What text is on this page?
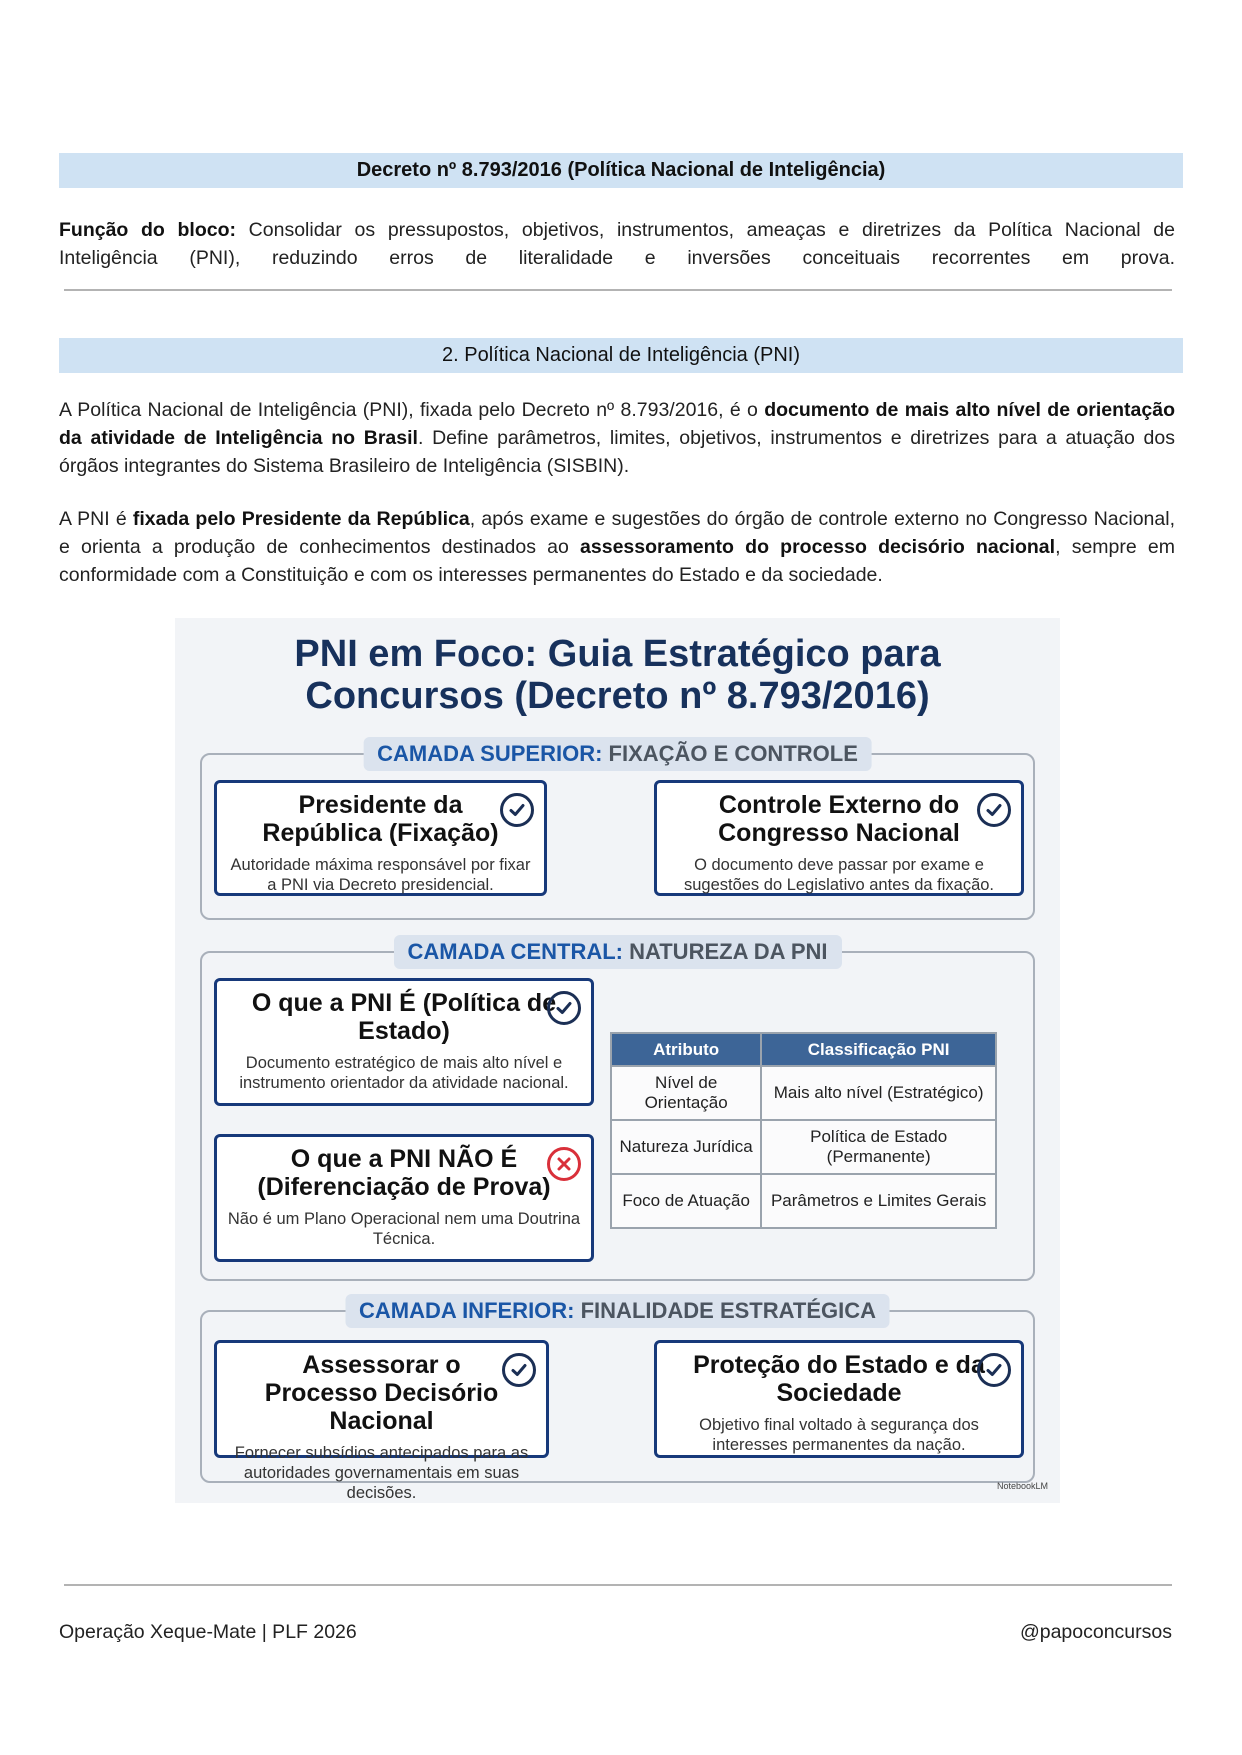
Decreto nº 8.793/2016 (Política Nacional de Inteligência)
Função do bloco: Consolidar os pressupostos, objetivos, instrumentos, ameaças e diretrizes da Política Nacional de Inteligência (PNI), reduzindo erros de literalidade e inversões conceituais recorrentes em prova.
2. Política Nacional de Inteligência (PNI)
A Política Nacional de Inteligência (PNI), fixada pelo Decreto nº 8.793/2016, é o documento de mais alto nível de orientação da atividade de Inteligência no Brasil. Define parâmetros, limites, objetivos, instrumentos e diretrizes para a atuação dos órgãos integrantes do Sistema Brasileiro de Inteligência (SISBIN).
A PNI é fixada pelo Presidente da República, após exame e sugestões do órgão de controle externo no Congresso Nacional, e orienta a produção de conhecimentos destinados ao assessoramento do processo decisório nacional, sempre em conformidade com a Constituição e com os interesses permanentes do Estado e da sociedade.
PNI em Foco: Guia Estratégico para
Concursos (Decreto nº 8.793/2016)
CAMADA SUPERIOR: FIXAÇÃO E CONTROLE
Presidente da República (Fixação)
Autoridade máxima responsável por fixar a PNI via Decreto presidencial.
Controle Externo do Congresso Nacional
O documento deve passar por exame e sugestões do Legislativo antes da fixação.
CAMADA CENTRAL: NATUREZA DA PNI
O que a PNI É (Política de Estado)
Documento estratégico de mais alto nível e instrumento orientador da atividade nacional.
O que a PNI NÃO É (Diferenciação de Prova)
Não é um Plano Operacional nem uma Doutrina Técnica.
Atributo	Classificação PNI
Nível de Orientação	Mais alto nível (Estratégico)
Natureza Jurídica	Política de Estado (Permanente)
Foco de Atuação	Parâmetros e Limites Gerais
CAMADA INFERIOR: FINALIDADE ESTRATÉGICA
Assessorar o Processo Decisório Nacional
Fornecer subsídios antecipados para as autoridades governamentais em suas decisões.
Proteção do Estado e da Sociedade
Objetivo final voltado à segurança dos interesses permanentes da nação.
NotebookLM
Operação Xeque-Mate | PLF 2026	@papoconcursos
